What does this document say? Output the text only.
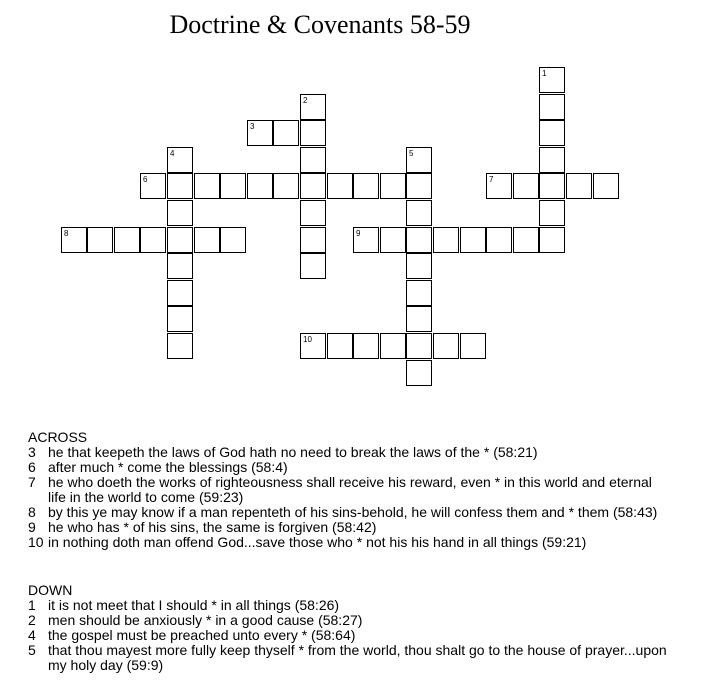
Doctrine & Covenants 58-59
1
2
3
4	5
6	7
8	9
10
ACROSS
3 he that keepeth the laws of God hath no need to break the laws of the * (58:21)
6 after much * come the blessings (58:4)
7 he who doeth the works of righteousness shall receive his reward, even * in this world and eternal life in the world to come (59:23)
8 by this ye may know if a man repenteth of his sins-behold, he will confess them and * them (58:43)
9 he who has * of his sins, the same is forgiven (58:42)
10 in nothing doth man offend God...save those who * not his his hand in all things (59:21)
DOWN
1 it is not meet that I should * in all things (58:26)
2 men should be anxiously * in a good cause (58:27)
4 the gospel must be preached unto every * (58:64)
5 that thou mayest more fully keep thyself * from the world, thou shalt go to the house of prayer...upon my holy day (59:9)
